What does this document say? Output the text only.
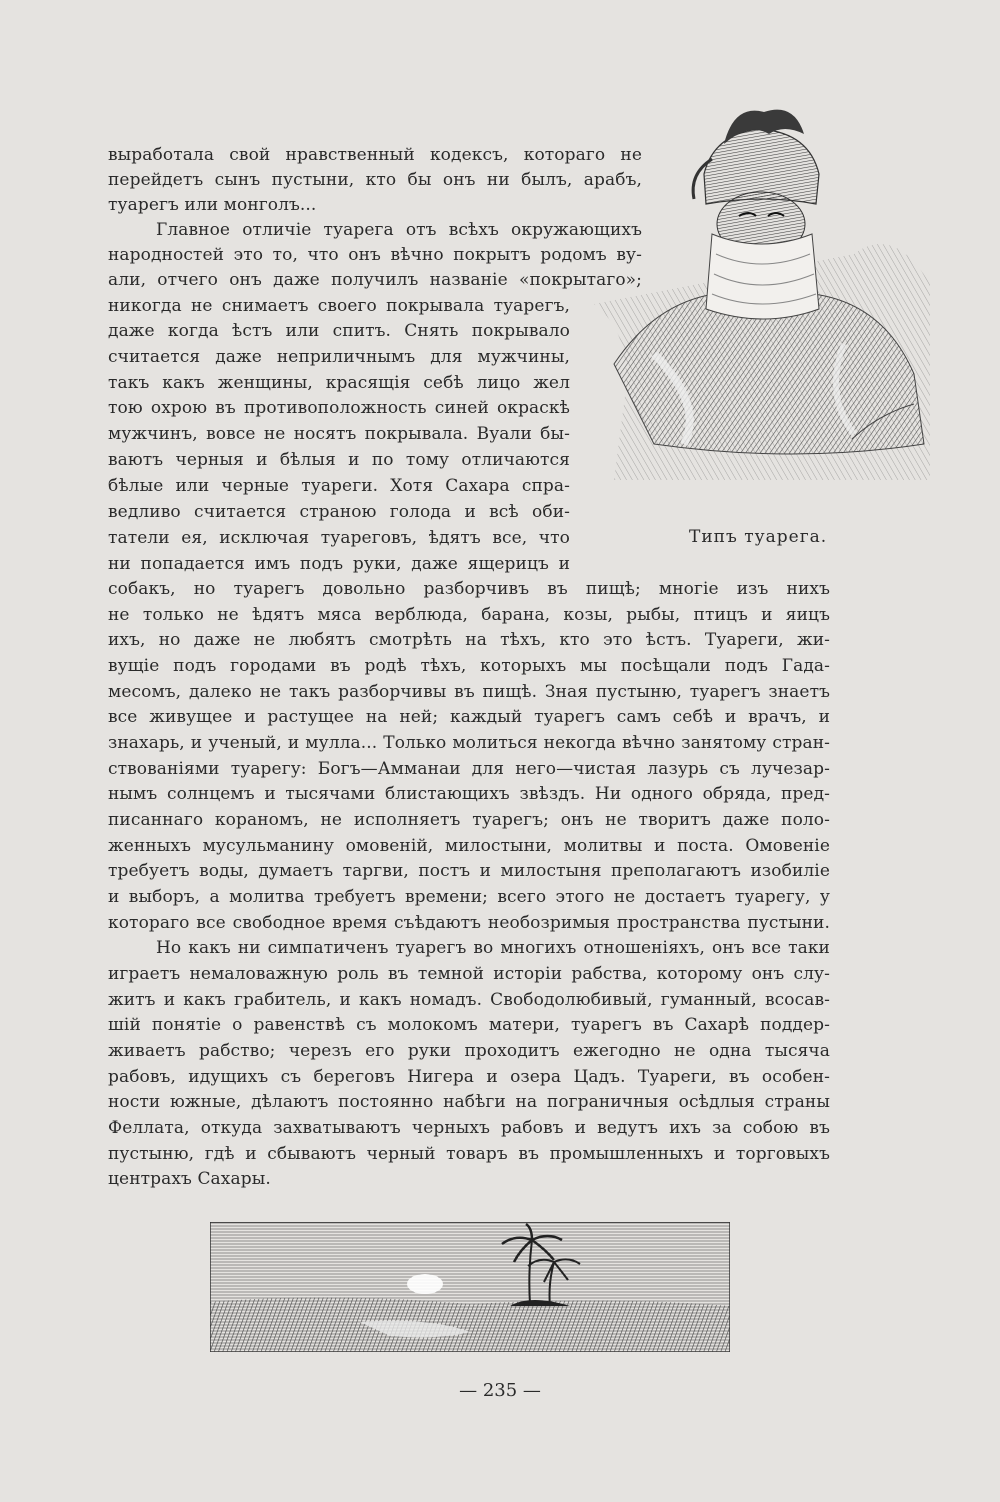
выработала свой нравственный кодексъ, котораго не
перейдетъ сынъ пустыни, кто бы онъ ни былъ, арабъ,
туарегъ или монголъ...
Главное отличіе туарега отъ всѣхъ окружающихъ
народностей это то, что онъ вѣчно покрытъ родомъ ву-
али, отчего онъ даже получилъ названіе «покрытаго»;
никогда не снимаетъ своего покрывала туарегъ,
даже когда ѣстъ или спитъ. Снять покрывало
считается даже неприличнымъ для мужчины,
такъ какъ женщины, красящія себѣ лицо жел
тою охрою въ противоположность синей окраскѣ
мужчинъ, вовсе не носятъ покрывала. Вуали бы-
ваютъ черныя и бѣлыя и по тому отличаются
бѣлые или черные туареги. Хотя Сахара спра-
ведливо считается страною голода и всѣ оби-
татели ея, исключая туареговъ, ѣдятъ все, что
ни попадается имъ подъ руки, даже ящерицъ и
собакъ, но туарегъ довольно разборчивъ въ пищѣ; многіе изъ нихъ
не только не ѣдятъ мяса верблюда, барана, козы, рыбы, птицъ и яицъ
ихъ, но даже не любятъ смотрѣть на тѣхъ, кто это ѣстъ. Туареги, жи-
вущіе подъ городами въ родѣ тѣхъ, которыхъ мы посѣщали подъ Гада-
месомъ, далеко не такъ разборчивы въ пищѣ. Зная пустыню, туарегъ знаетъ
все живущее и растущее на ней; каждый туарегъ самъ себѣ и врачъ, и
знахарь, и ученый, и мулла... Только молиться некогда вѣчно занятому стран-
ствованіями туарегу: Богъ—Амманаи для него—чистая лазурь съ лучезар-
нымъ солнцемъ и тысячами блистающихъ звѣздъ. Ни одного обряда, пред-
писаннаго кораномъ, не исполняетъ туарегъ; онъ не творитъ даже поло-
женныхъ мусульманину омовеній, милостыни, молитвы и поста. Омовеніе
требуетъ воды, думаетъ таргви, постъ и милостыня преполагаютъ изобиліе
и выборъ, а молитва требуетъ времени; всего этого не достаетъ туарегу, у
котораго все свободное время съѣдаютъ необозримыя пространства пустыни.
Но какъ ни симпатиченъ туарегъ во многихъ отношеніяхъ, онъ все таки
играетъ немаловажную роль въ темной исторіи рабства, которому онъ слу-
житъ и какъ грабитель, и какъ номадъ. Свободолюбивый, гуманный, всосав-
шій понятіе о равенствѣ съ молокомъ матери, туарегъ въ Сахарѣ поддер-
живаетъ рабство; черезъ его руки проходитъ ежегодно не одна тысяча
рабовъ, идущихъ съ береговъ Нигера и озера Цадъ. Туареги, въ особен-
ности южные, дѣлаютъ постоянно набѣги на пограничныя осѣдлыя страны
Феллата, откуда захватываютъ черныхъ рабовъ и ведутъ ихъ за собою въ
пустыню, гдѣ и сбываютъ черный товаръ въ промышленныхъ и торговыхъ
центрахъ Сахары.
Типъ туарега.
— 235 —
